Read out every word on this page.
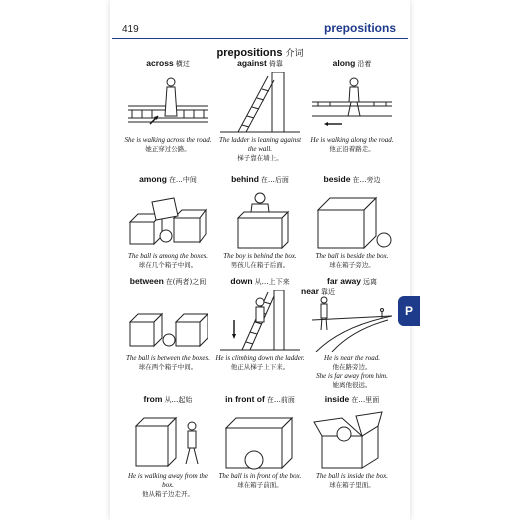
419	prepositions
prepositions 介词
P
across 横过
She is walking across the road.
她正穿过公路。
against 倚靠
The ladder is leaning against the wall.
梯子靠在墙上。
along 沿着
He is walking along the road.
他正沿着路走。
among 在…中间
The ball is among the boxes.
球在几个箱子中间。
behind 在…后面
The boy is behind the box.
男孩儿在箱子后面。
beside 在…旁边
The ball is beside the box.
球在箱子旁边。
between 在(两者)之间
The ball is between the boxes.
球在两个箱子中间。
down 从…上下来
He is climbing down the ladder.
他正从梯子上下来。
far away 远离
near 靠近
He is near the road.
他在路旁边。
She is far away from him.
她离他很远。
from 从…起始
He is walking away from the box.
他从箱子边走开。
in front of 在…前面
The ball is in front of the box.
球在箱子前面。
inside 在…里面
The ball is inside the box.
球在箱子里面。
